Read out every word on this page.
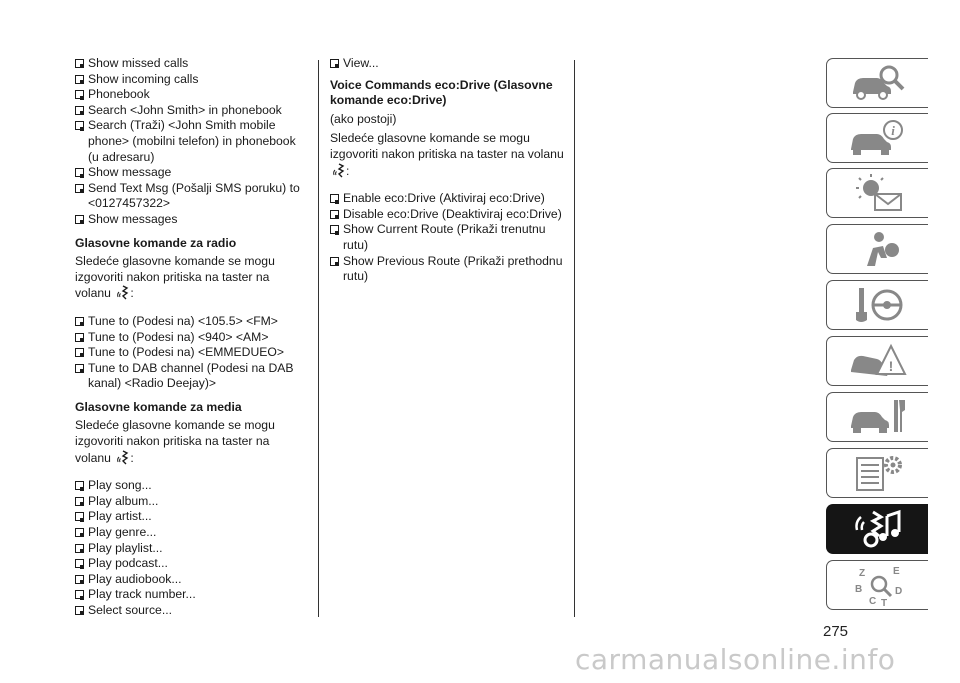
Show missed calls
Show incoming calls
Phonebook
Search <John Smith> in phonebook
Search (Traži) <John Smith mobile phone> (mobilni telefon) in phonebook (u adresaru)
Show message
Send Text Msg (Pošalji SMS poruku) to <0127457322>
Show messages
Glasovne komande za radio
Sledeće glasovne komande se mogu izgovoriti nakon pritiska na taster na volanu :
Tune to (Podesi na) <105.5> <FM>
Tune to (Podesi na) <940> <AM>
Tune to (Podesi na) <EMMEDUEO>
Tune to DAB channel (Podesi na DAB kanal) <Radio Deejay)>
Glasovne komande za media
Sledeće glasovne komande se mogu izgovoriti nakon pritiska na taster na volanu :
Play song...
Play album...
Play artist...
Play genre...
Play playlist...
Play podcast...
Play audiobook...
Play track number...
Select source...
View...
Voice Commands eco:Drive (Glasovne komande eco:Drive)
(ako postoji)
Sledeće glasovne komande se mogu izgovoriti nakon pritiska na taster na volanu :
Enable eco:Drive (Aktiviraj eco:Drive)
Disable eco:Drive (Deaktiviraj eco:Drive)
Show Current Route (Prikaži trenutnu rutu)
Show Previous Route (Prikaži prethodnu rutu)
i
!
Z	E
B	D
C T
275
carmanualsonline.info
